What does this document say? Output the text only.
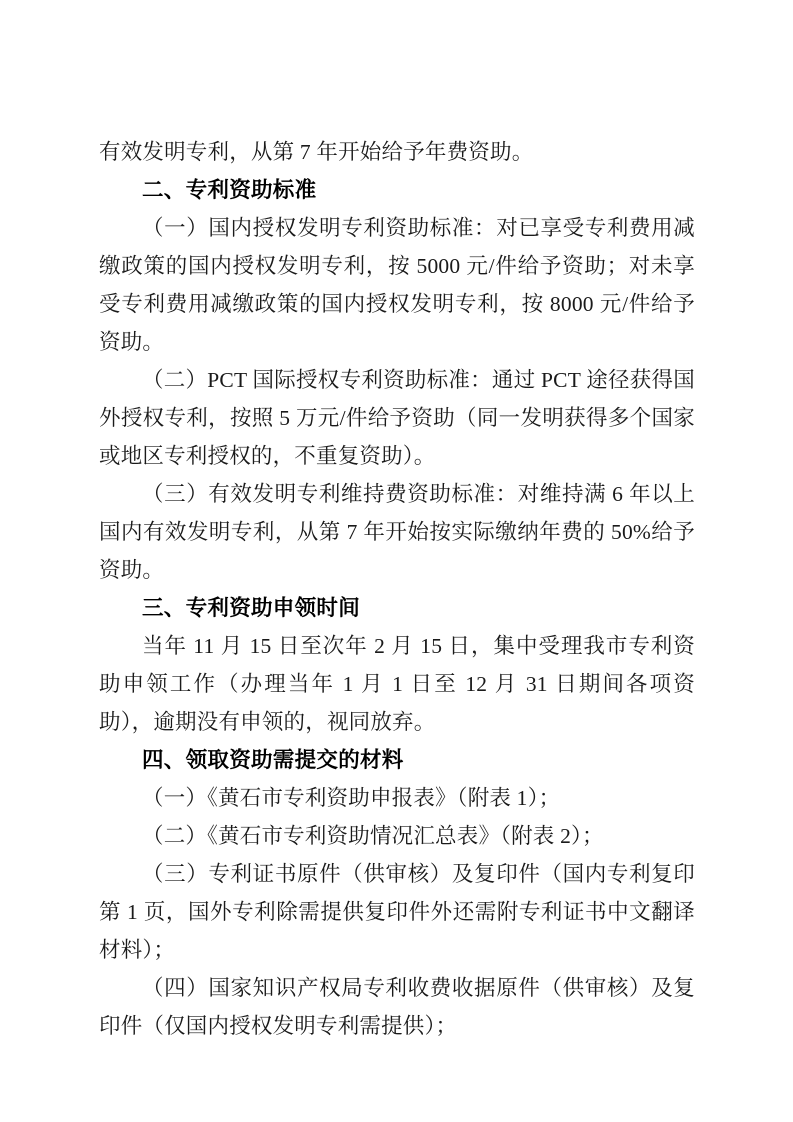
有效发明专利，从第 7 年开始给予年费资助。

二、专利资助标准

（一）国内授权发明专利资助标准：对已享受专利费用减缴政策的国内授权发明专利，按 5000 元/件给予资助；对未享受专利费用减缴政策的国内授权发明专利，按 8000 元/件给予资助。

（二）PCT 国际授权专利资助标准：通过 PCT 途径获得国外授权专利，按照 5 万元/件给予资助（同一发明获得多个国家或地区专利授权的，不重复资助）。

（三）有效发明专利维持费资助标准：对维持满 6 年以上国内有效发明专利，从第 7 年开始按实际缴纳年费的 50%给予资助。

三、专利资助申领时间

当年 11 月 15 日至次年 2 月 15 日，集中受理我市专利资助申领工作（办理当年 1 月 1 日至 12 月 31 日期间各项资助），逾期没有申领的，视同放弃。

四、领取资助需提交的材料

（一）《黄石市专利资助申报表》（附表 1）；

（二）《黄石市专利资助情况汇总表》（附表 2）；

（三）专利证书原件（供审核）及复印件（国内专利复印第 1 页，国外专利除需提供复印件外还需附专利证书中文翻译材料）；

（四）国家知识产权局专利收费收据原件（供审核）及复印件（仅国内授权发明专利需提供）；
